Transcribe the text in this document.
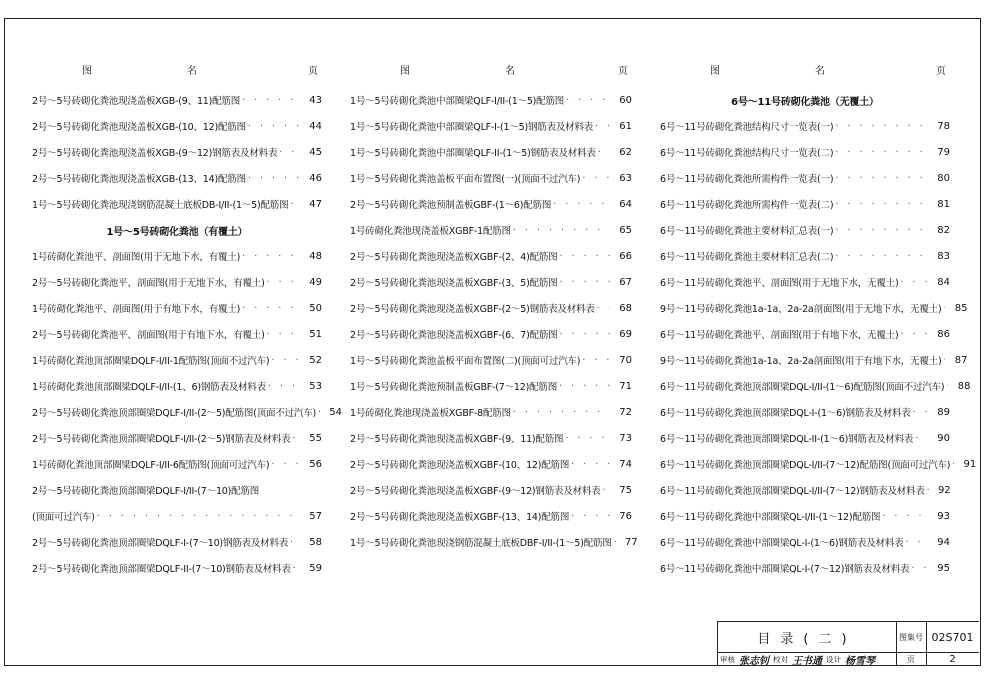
图	名	页
2号～5号砖砌化粪池现浇盖板XGB-(9、11)配筋图 · · ·	43
2号～5号砖砌化粪池现浇盖板XGB-(10、12)配筋图 · · ·	44
2号～5号砖砌化粪池现浇盖板XGB-(9～12)钢筋表及材料表 · · ·	45
2号～5号砖砌化粪池现浇盖板XGB-(13、14)配筋图 · · ·	46
1号～5号砖砌化粪池现浇钢筋混凝土底板DB-I/II-(1～5)配筋图 · · ·	47
1号～5号砖砌化粪池（有覆土）
1号砖砌化粪池平、剖面图(用于无地下水，有覆土) · · ·	48
2号～5号砖砌化粪池平、剖面图(用于无地下水，有覆土) · · ·	49
1号砖砌化粪池平、剖面图(用于有地下水，有覆土) · · ·	50
2号～5号砖砌化粪池平、剖面图(用于有地下水，有覆土) · · ·	51
1号砖砌化粪池顶部圈梁DQLF-I/II-1配筋图(顶面不过汽车) · · ·	52
1号砖砌化粪池顶部圈梁DQLF-I/II-(1、6)钢筋表及材料表 · · ·	53
2号～5号砖砌化粪池顶部圈梁DQLF-I/II-(2～5)配筋图(顶面不过汽车) · · ·	54
2号～5号砖砌化粪池顶部圈梁DQLF-I/II-(2～5)钢筋表及材料表 · · ·	55
1号砖砌化粪池顶部圈梁DQLF-I/II-6配筋图(顶面可过汽车) · · ·	56
2号～5号砖砌化粪池顶部圈梁DQLF-I/II-(7～10)配筋图
(顶面可过汽车) · · ·	57
2号～5号砖砌化粪池顶部圈梁DQLF-I-(7～10)钢筋表及材料表 · · ·	58
2号～5号砖砌化粪池顶部圈梁DQLF-II-(7～10)钢筋表及材料表 · · ·	59
图	名	页
1号～5号砖砌化粪池中部圈梁QLF-I/II-(1～5)配筋图 · · ·	60
1号～5号砖砌化粪池中部圈梁QLF-I-(1～5)钢筋表及材料表 · · ·	61
1号～5号砖砌化粪池中部圈梁QLF-II-(1～5)钢筋表及材料表 · · ·	62
1号～5号砖砌化粪池盖板平面布置图(一)(顶面不过汽车) · · ·	63
2号～5号砖砌化粪池预制盖板GBF-(1～6)配筋图 · · ·	64
1号砖砌化粪池现浇盖板XGBF-1配筋图 · · ·	65
2号～5号砖砌化粪池现浇盖板XGBF-(2、4)配筋图 · · ·	66
2号～5号砖砌化粪池现浇盖板XGBF-(3、5)配筋图 · · ·	67
2号～5号砖砌化粪池现浇盖板XGBF-(2～5)钢筋表及材料表 · · ·	68
2号～5号砖砌化粪池现浇盖板XGBF-(6、7)配筋图 · · ·	69
1号～5号砖砌化粪池盖板平面布置图(二)(顶面可过汽车) · · ·	70
1号～5号砖砌化粪池预制盖板GBF-(7～12)配筋图 · · ·	71
1号砖砌化粪池现浇盖板XGBF-8配筋图 · · ·	72
2号～5号砖砌化粪池现浇盖板XGBF-(9、11)配筋图 · · ·	73
2号～5号砖砌化粪池现浇盖板XGBF-(10、12)配筋图 · · ·	74
2号～5号砖砌化粪池现浇盖板XGBF-(9～12)钢筋表及材料表 · · ·	75
2号～5号砖砌化粪池现浇盖板XGBF-(13、14)配筋图 · · ·	76
1号～5号砖砌化粪池现浇钢筋混凝土底板DBF-I/II-(1～5)配筋图 · · ·	77
图	名	页
6号～11号砖砌化粪池（无覆土）
6号～11号砖砌化粪池结构尺寸一览表(一) · · ·	78
6号～11号砖砌化粪池结构尺寸一览表(二) · · ·	79
6号～11号砖砌化粪池所需构件一览表(一) · · ·	80
6号～11号砖砌化粪池所需构件一览表(二) · · ·	81
6号～11号砖砌化粪池主要材料汇总表(一) · · ·	82
6号～11号砖砌化粪池主要材料汇总表(二) · · ·	83
6号～11号砖砌化粪池平、剖面图(用于无地下水，无覆土) · · ·	84
9号～11号砖砌化粪池1a-1a、2a-2a剖面图(用于无地下水，无覆土) · · ·	85
6号～11号砖砌化粪池平、剖面图(用于有地下水，无覆土) · · ·	86
9号～11号砖砌化粪池1a-1a、2a-2a剖面图(用于有地下水，无覆土) · · ·	87
6号～11号砖砌化粪池顶部圈梁DQL-I/II-(1～6)配筋图(顶面不过汽车) · · ·	88
6号～11号砖砌化粪池顶部圈梁DQL-I-(1～6)钢筋表及材料表 · · ·	89
6号～11号砖砌化粪池顶部圈梁DQL-II-(1～6)钢筋表及材料表 · · ·	90
6号～11号砖砌化粪池顶部圈梁DQL-I/II-(7～12)配筋图(顶面可过汽车) · · ·	91
6号～11号砖砌化粪池顶部圈梁DQL-I/II-(7～12)钢筋表及材料表 · · ·	92
6号～11号砖砌化粪池中部圈梁QL-I/II-(1～12)配筋图 · · ·	93
6号～11号砖砌化粪池中部圈梁QL-I-(1～6)钢筋表及材料表 · · ·	94
6号～11号砖砌化粪池中部圈梁QL-I-(7～12)钢筋表及材料表 · · ·	95
目录(二)	图集号 02S701
审核 张志钊 校对 王书通 设计 杨雪琴	页	2
